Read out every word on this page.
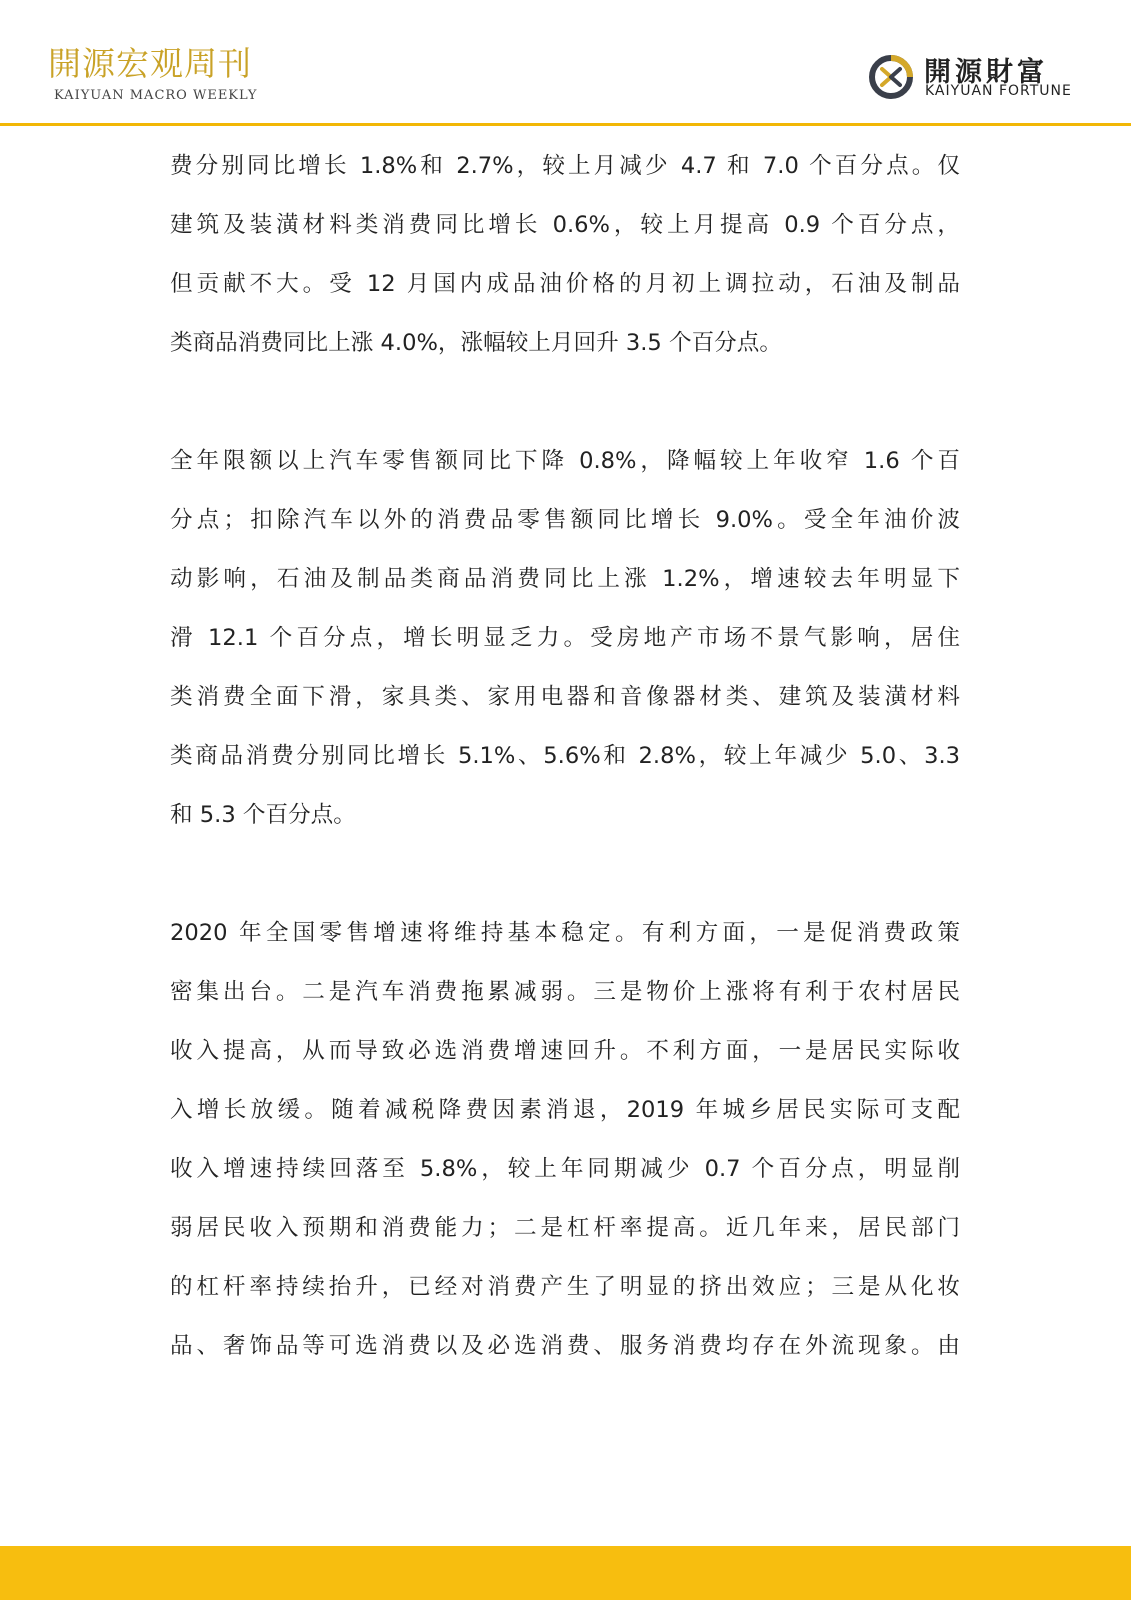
開源宏观周刊
KAIYUAN MACRO WEEKLY
開源財富
KAIYUAN FORTUNE
费分别同比增长 1.8%和 2.7%，较上月减少 4.7 和 7.0 个百分点。仅
建筑及装潢材料类消费同比增长 0.6%，较上月提高 0.9 个百分点，
但贡献不大。受 12 月国内成品油价格的月初上调拉动，石油及制品
类商品消费同比上涨 4.0%，涨幅较上月回升 3.5 个百分点。
全年限额以上汽车零售额同比下降 0.8%，降幅较上年收窄 1.6 个百
分点；扣除汽车以外的消费品零售额同比增长 9.0%。受全年油价波
动影响，石油及制品类商品消费同比上涨 1.2%，增速较去年明显下
滑 12.1 个百分点，增长明显乏力。受房地产市场不景气影响，居住
类消费全面下滑，家具类、家用电器和音像器材类、建筑及装潢材料
类商品消费分别同比增长 5.1%、5.6%和 2.8%，较上年减少 5.0、3.3
和 5.3 个百分点。
2020 年全国零售增速将维持基本稳定。有利方面，一是促消费政策
密集出台。二是汽车消费拖累减弱。三是物价上涨将有利于农村居民
收入提高，从而导致必选消费增速回升。不利方面，一是居民实际收
入增长放缓。随着减税降费因素消退，2019 年城乡居民实际可支配
收入增速持续回落至 5.8%，较上年同期减少 0.7 个百分点，明显削
弱居民收入预期和消费能力；二是杠杆率提高。近几年来，居民部门
的杠杆率持续抬升，已经对消费产生了明显的挤出效应；三是从化妆
品、奢饰品等可选消费以及必选消费、服务消费均存在外流现象。由
